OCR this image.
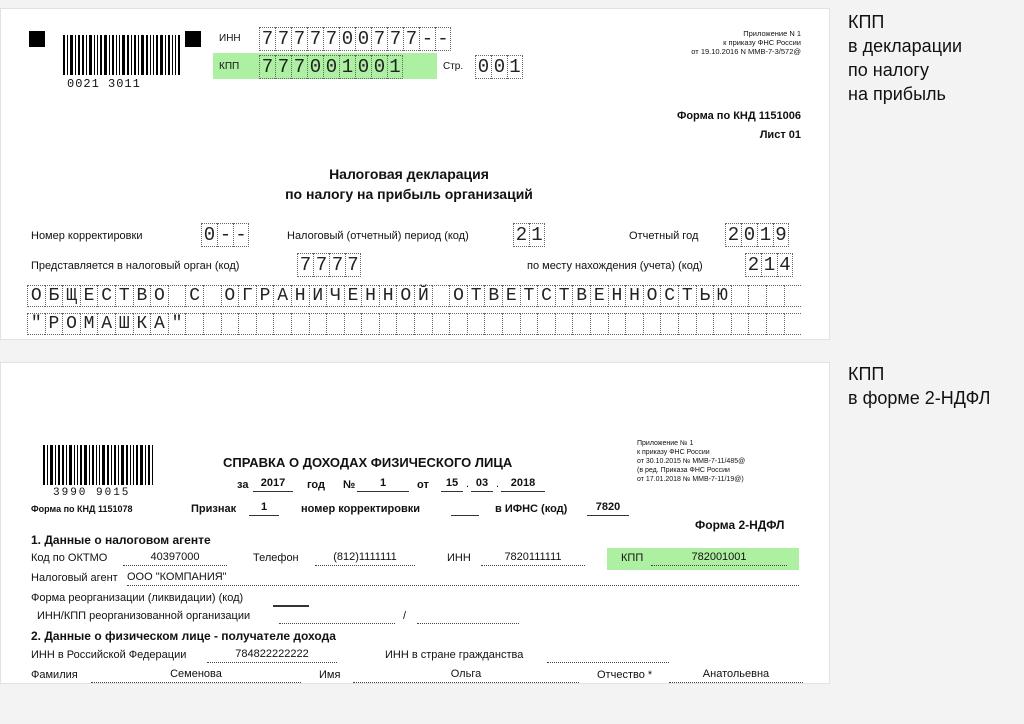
0021 3011
ИНН 7 7 7 7 7 0 0 7 7 7 - -
КПП 7 7 7 0 0 1 0 0 1	Стр. 0 0 1
Приложение N 1
к приказу ФНС России
от 19.10.2016 N ММВ-7-3/572@
Форма по КНД 1151006
Лист 01
Налоговая декларация
по налогу на прибыль организаций
Номер корректировки	0 - -	Налоговый (отчетный) период (код) 2 1	Отчетный год 2 0 1 9
Представляется в налоговый орган (код)	7 7 7 7	по месту нахождения (учета) (код) 2 1 4
О Б Щ Е С Т В О С О Г Р А Н И Ч Е Н Н О Й О Т В Е Т С Т В Е Н Н О С Т Ь Ю
" Р О М А Ш К А "
КПП
в декларации
по налогу
на прибыль
3990 9015
Форма по КНД 1151078
Приложение № 1
к приказу ФНС России
от 30.10.2015 № ММВ-7-11/485@
(в ред. Приказа ФНС России
от 17.01.2018 № ММВ-7-11/19@)
СПРАВКА О ДОХОДАХ ФИЗИЧЕСКОГО ЛИЦА
за	2017	год №	1	от	15 . 03 .	2018
Признак	1	номер корректировки	в ИФНС (код)	7820
Форма 2-НДФЛ
1. Данные о налоговом агенте
Код по ОКТМО	40397000	Телефон	(812)1111111	ИНН	7820111111	КПП	782001001
Налоговый агент ООО "КОМПАНИЯ"
Форма реорганизации (ликвидации) (код)
ИНН/КПП реорганизованной организации	/
2. Данные о физическом лице - получателе дохода
ИНН в Российской Федерации	784822222222	ИНН в стране гражданства
Фамилия	Семенова	Имя	Ольга	Отчество *	Анатольевна
КПП
в форме 2-НДФЛ
